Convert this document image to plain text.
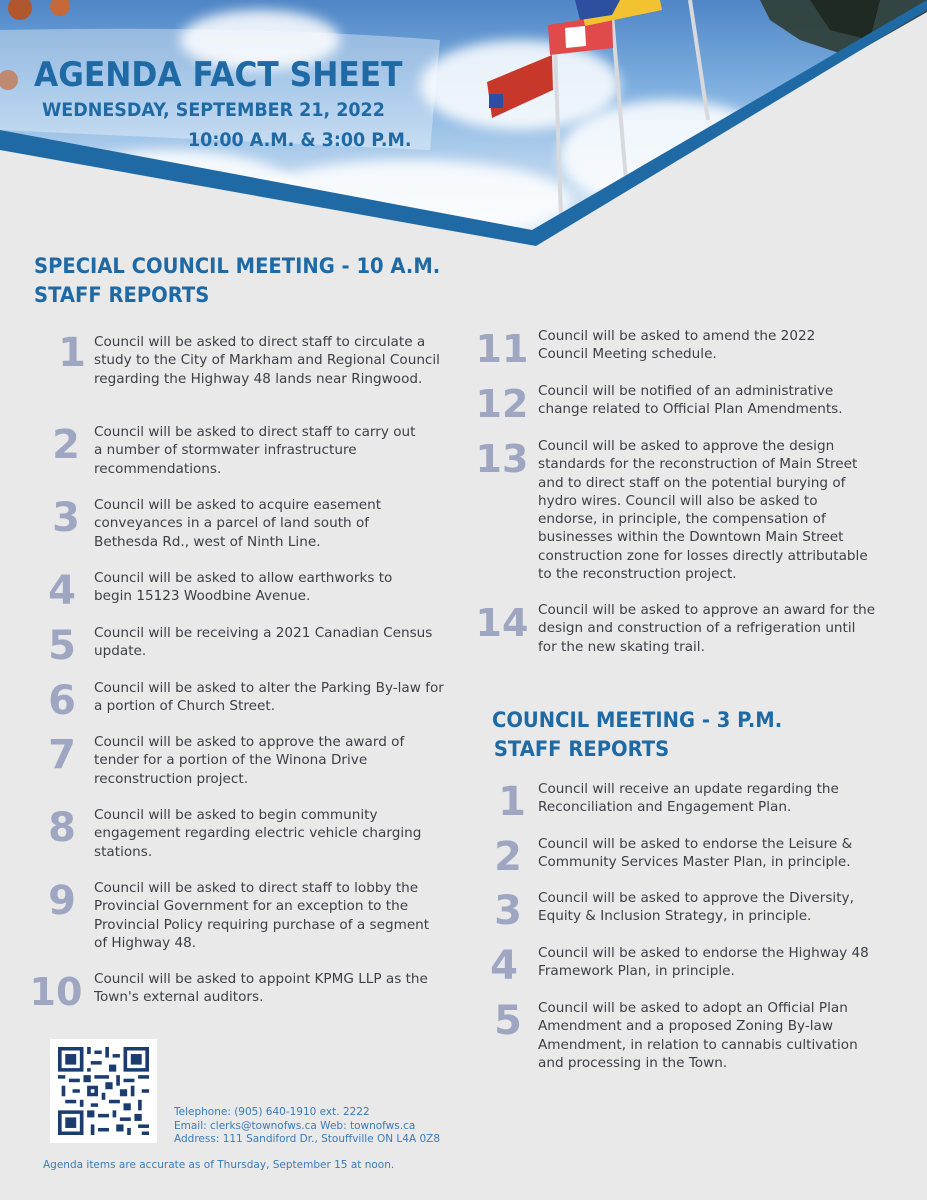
AGENDA FACT SHEET
WEDNESDAY, SEPTEMBER 21, 2022
10:00 A.M. & 3:00 P.M.
SPECIAL COUNCIL MEETING - 10 A.M.
STAFF REPORTS
1 Council will be asked to direct staff to circulate a study to the City of Markham and Regional Council regarding the Highway 48 lands near Ringwood.
2	Council will be asked to direct staff to carry out a number of stormwater infrastructure recommendations.
3	Council will be asked to acquire easement conveyances in a parcel of land south of Bethesda Rd., west of Ninth Line.
4	Council will be asked to allow earthworks to begin 15123 Woodbine Avenue.
5	Council will be receiving a 2021 Canadian Census update.
6	Council will be asked to alter the Parking By-law for a portion of Church Street.
7	Council will be asked to approve the award of tender for a portion of the Winona Drive reconstruction project.
8	Council will be asked to begin community engagement regarding electric vehicle charging stations.
9	Council will be asked to direct staff to lobby the Provincial Government for an exception to the Provincial Policy requiring purchase of a segment of Highway 48.
10 Council will be asked to appoint KPMG LLP as the Town's external auditors.
11 Council will be asked to amend the 2022 Council Meeting schedule.
12 Council will be notified of an administrative change related to Official Plan Amendments.
13 Council will be asked to approve the design standards for the reconstruction of Main Street and to direct staff on the potential burying of hydro wires. Council will also be asked to endorse, in principle, the compensation of businesses within the Downtown Main Street construction zone for losses directly attributable to the reconstruction project.
14 Council will be asked to approve an award for the design and construction of a refrigeration until for the new skating trail.
COUNCIL MEETING - 3 P.M.
STAFF REPORTS
1 Council will receive an update regarding the Reconciliation and Engagement Plan.
2	Council will be asked to endorse the Leisure & Community Services Master Plan, in principle.
3	Council will be asked to approve the Diversity, Equity & Inclusion Strategy, in principle.
4	Council will be asked to endorse the Highway 48 Framework Plan, in principle.
5	Council will be asked to adopt an Official Plan Amendment and a proposed Zoning By-law Amendment, in relation to cannabis cultivation and processing in the Town.
Telephone: (905) 640-1910 ext. 2222
Email: clerks@townofws.ca Web: townofws.ca
Address: 111 Sandiford Dr., Stouffville ON L4A 0Z8
Agenda items are accurate as of Thursday, September 15 at noon.
